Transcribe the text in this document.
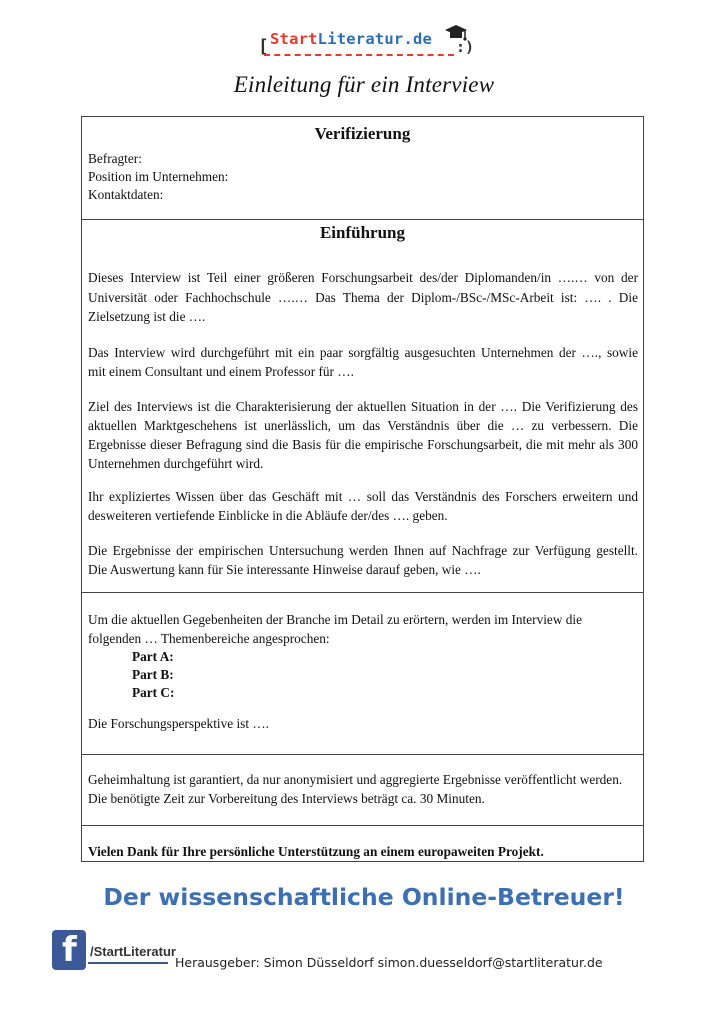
[ StartLiteratur.de :)
Einleitung für ein Interview
Verifizierung
Befragter:
Position im Unternehmen:
Kontaktdaten:
Einführung
Dieses Interview ist Teil einer größeren Forschungsarbeit des/der Diplomanden/in ….… von der
Universität oder Fachhochschule ….… Das Thema der Diplom-/BSc-/MSc-Arbeit ist: …. . Die
Zielsetzung ist die ….
Das Interview wird durchgeführt mit ein paar sorgfältig ausgesuchten Unternehmen der …., sowie
mit einem Consultant und einem Professor für ….
Ziel des Interviews ist die Charakterisierung der aktuellen Situation in der …. Die Verifizierung des
aktuellen Marktgeschehens ist unerlässlich, um das Verständnis über die … zu verbessern. Die
Ergebnisse dieser Befragung sind die Basis für die empirische Forschungsarbeit, die mit mehr als 300
Unternehmen durchgeführt wird.
Ihr expliziertes Wissen über das Geschäft mit … soll das Verständnis des Forschers erweitern und
desweiteren vertiefende Einblicke in die Abläufe der/des …. geben.
Die Ergebnisse der empirischen Untersuchung werden Ihnen auf Nachfrage zur Verfügung gestellt.
Die Auswertung kann für Sie interessante Hinweise darauf geben, wie ….
Um die aktuellen Gegebenheiten der Branche im Detail zu erörtern, werden im Interview die
folgenden … Themenbereiche angesprochen:
Part A:
Part B:
Part C:
Die Forschungsperspektive ist ….
Geheimhaltung ist garantiert, da nur anonymisiert und aggregierte Ergebnisse veröffentlicht werden.
Die benötigte Zeit zur Vorbereitung des Interviews beträgt ca. 30 Minuten.
Vielen Dank für Ihre persönliche Unterstützung an einem europaweiten Projekt.
Der wissenschaftliche Online-Betreuer!
f /StartLiteratur
Herausgeber: Simon Düsseldorf simon.duesseldorf@startliteratur.de
